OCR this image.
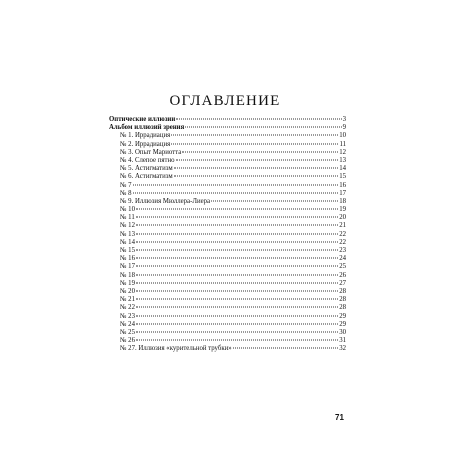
ОГЛАВЛЕНИЕ
Оптические иллюзии	3
Альбом иллюзий зрения	9
№ 1. Иррадиация	10
№ 2. Иррадиация	11
№ 3. Опыт Мариотта	12
№ 4. Слепое пятно	13
№ 5. Астигматизм	14
№ 6. Астигматизм	15
№ 7	16
№ 8	17
№ 9. Иллюзия Мюллера-Лиера	18
№ 10	19
№ 11	20
№ 12	21
№ 13	22
№ 14	22
№ 15	23
№ 16	24
№ 17	25
№ 18	26
№ 19	27
№ 20	28
№ 21	28
№ 22	28
№ 23	29
№ 24	29
№ 25	30
№ 26	31
№ 27. Иллюзия «курительной трубки»	32
71
